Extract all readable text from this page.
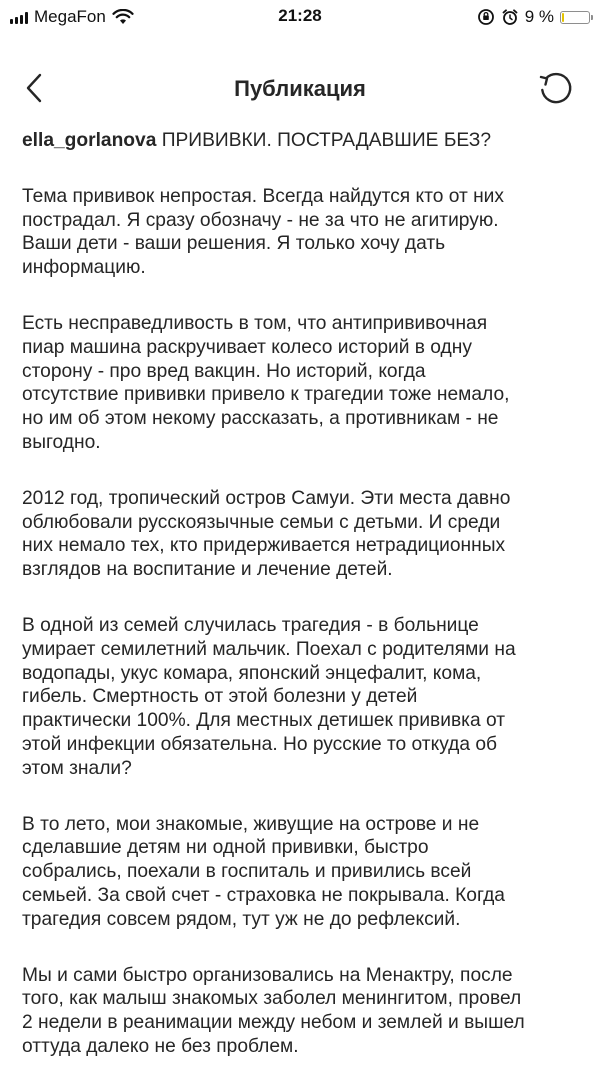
MegaFon	21:28	9 %
Публикация

ella_gorlanova ПРИВИВКИ. ПОСТРАДАВШИЕ БЕЗ?

Тема прививок непростая. Всегда найдутся кто от них
пострадал. Я сразу обозначу - не за что не агитирую.
Ваши дети - ваши решения. Я только хочу дать
информацию.

Есть несправедливость в том, что антипрививочная
пиар машина раскручивает колесо историй в одну
сторону - про вред вакцин. Но историй, когда
отсутствие прививки привело к трагедии тоже немало,
но им об этом некому рассказать, а противникам - не
выгодно.

2012 год, тропический остров Самуи. Эти места давно
облюбовали русскоязычные семьи с детьми. И среди
них немало тех, кто придерживается нетрадиционных
взглядов на воспитание и лечение детей.

В одной из семей случилась трагедия - в больнице
умирает семилетний мальчик. Поехал с родителями на
водопады, укус комара, японский энцефалит, кома,
гибель. Смертность от этой болезни у детей
практически 100%. Для местных детишек прививка от
этой инфекции обязательна. Но русские то откуда об
этом знали?

В то лето, мои знакомые, живущие на острове и не
сделавшие детям ни одной прививки, быстро
собрались, поехали в госпиталь и привились всей
семьей. За свой счет - страховка не покрывала. Когда
трагедия совсем рядом, тут уж не до рефлексий.

Мы и сами быстро организовались на Менактру, после
того, как малыш знакомых заболел менингитом, провел
2 недели в реанимации между небом и землей и вышел
оттуда далеко не без проблем.
